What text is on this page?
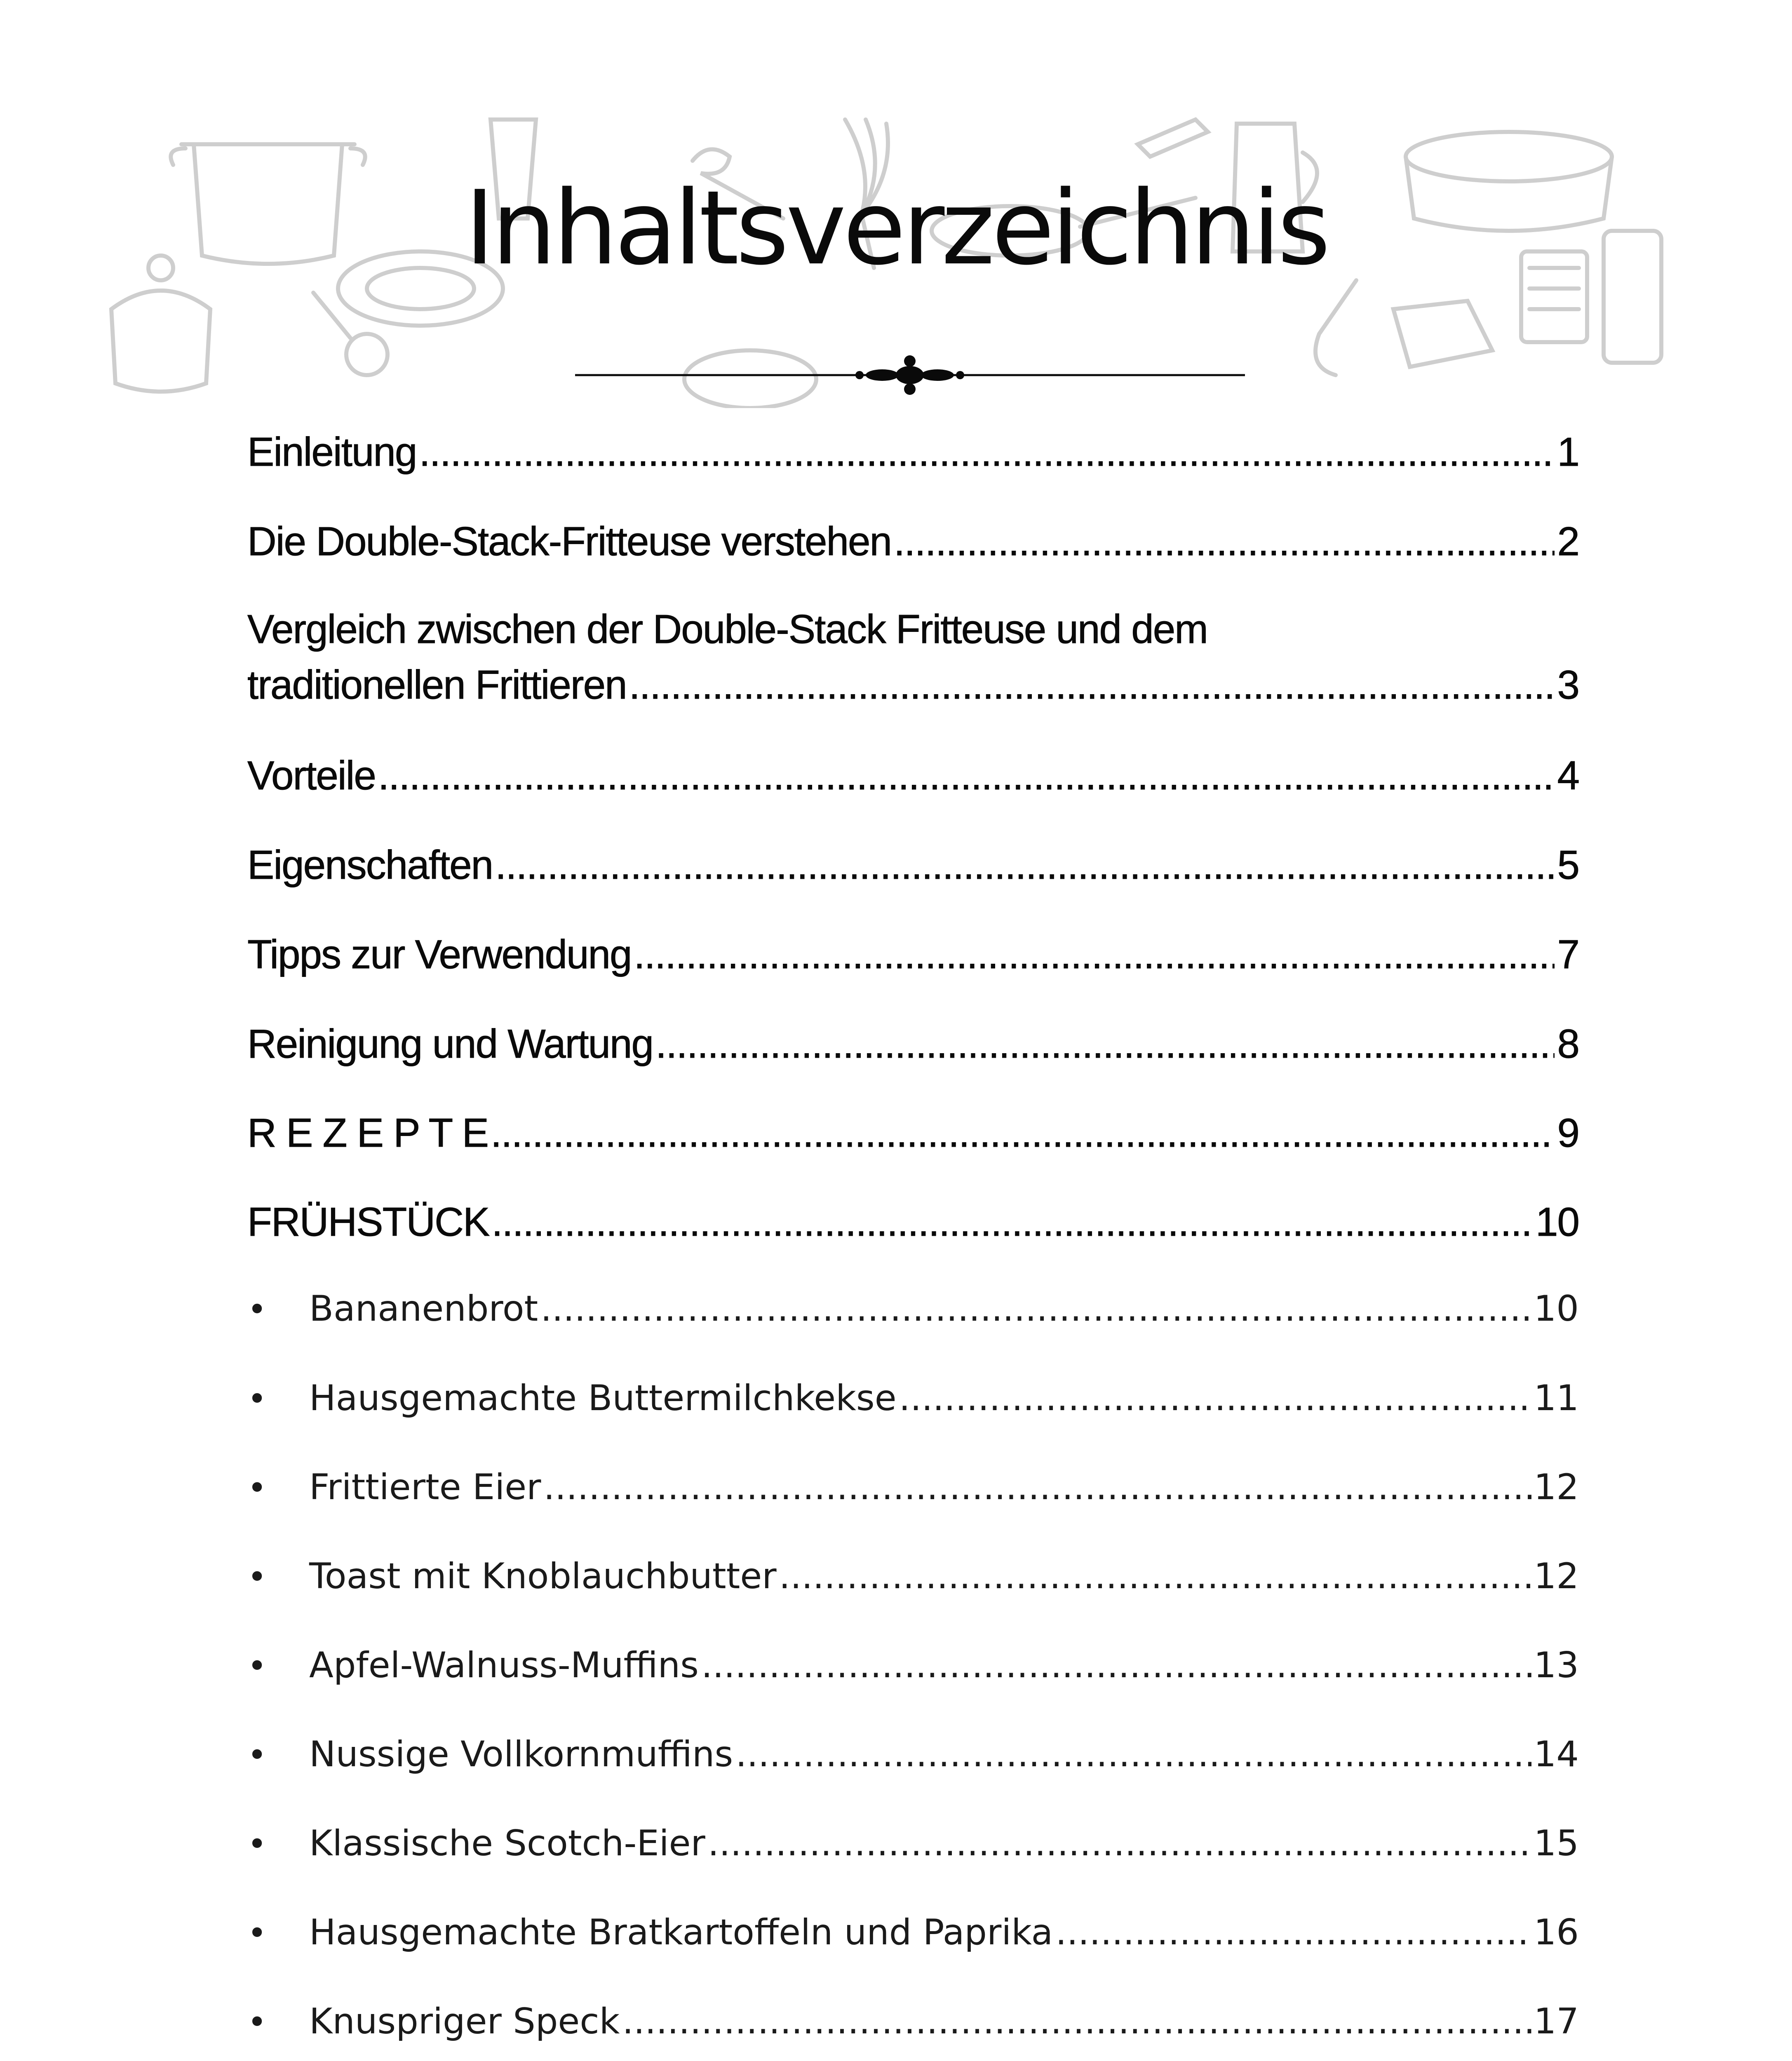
Inhaltsverzeichnis
Einleitung .....	1
Die Double-Stack-Fritteuse verstehen .....	2
Vergleich zwischen der Double-Stack Fritteuse und dem
traditionellen Frittieren .....	3
Vorteile .....	4
Eigenschaften .....	5
Tipps zur Verwendung .....	7
Reinigung und Wartung .....	8
R E Z E P T E .....	9
FRÜHSTÜCK .....	10
•	Bananenbrot .....	10
•	Hausgemachte Buttermilchkekse .....	11
•	Frittierte Eier .....	12
•	Toast mit Knoblauchbutter .....	12
•	Apfel-Walnuss-Muffins .....	13
•	Nussige Vollkornmuffins .....	14
•	Klassische Scotch-Eier .....	15
•	Hausgemachte Bratkartoffeln und Paprika .....	16
•	Knuspriger Speck .....	17
